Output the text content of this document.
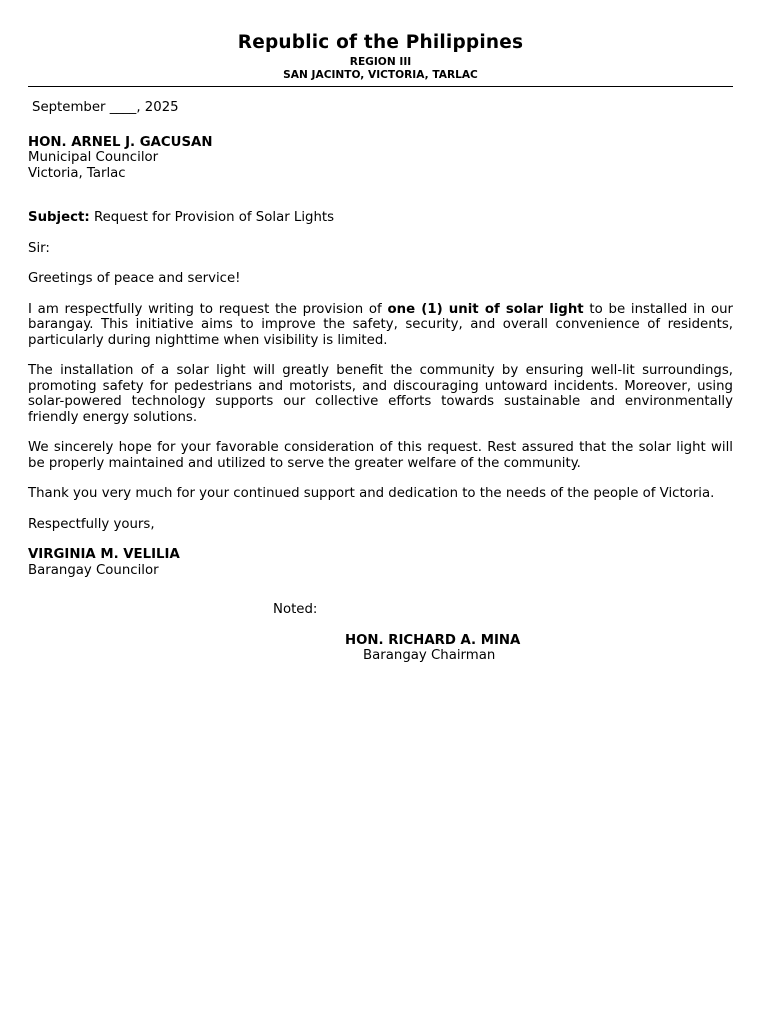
Republic of the Philippines
REGION III
SAN JACINTO, VICTORIA, TARLAC
September ____, 2025
HON. ARNEL J. GACUSAN
Municipal Councilor
Victoria, Tarlac
Subject: Request for Provision of Solar Lights
Sir:
Greetings of peace and service!
I am respectfully writing to request the provision of one (1) unit of solar light to be installed in our barangay. This initiative aims to improve the safety, security, and overall convenience of residents, particularly during nighttime when visibility is limited.
The installation of a solar light will greatly benefit the community by ensuring well-lit surroundings, promoting safety for pedestrians and motorists, and discouraging untoward incidents. Moreover, using solar-powered technology supports our collective efforts towards sustainable and environmentally friendly energy solutions.
We sincerely hope for your favorable consideration of this request. Rest assured that the solar light will be properly maintained and utilized to serve the greater welfare of the community.
Thank you very much for your continued support and dedication to the needs of the people of Victoria.
Respectfully yours,
VIRGINIA M. VELILIA
Barangay Councilor
Noted:
HON. RICHARD A. MINA
Barangay Chairman
